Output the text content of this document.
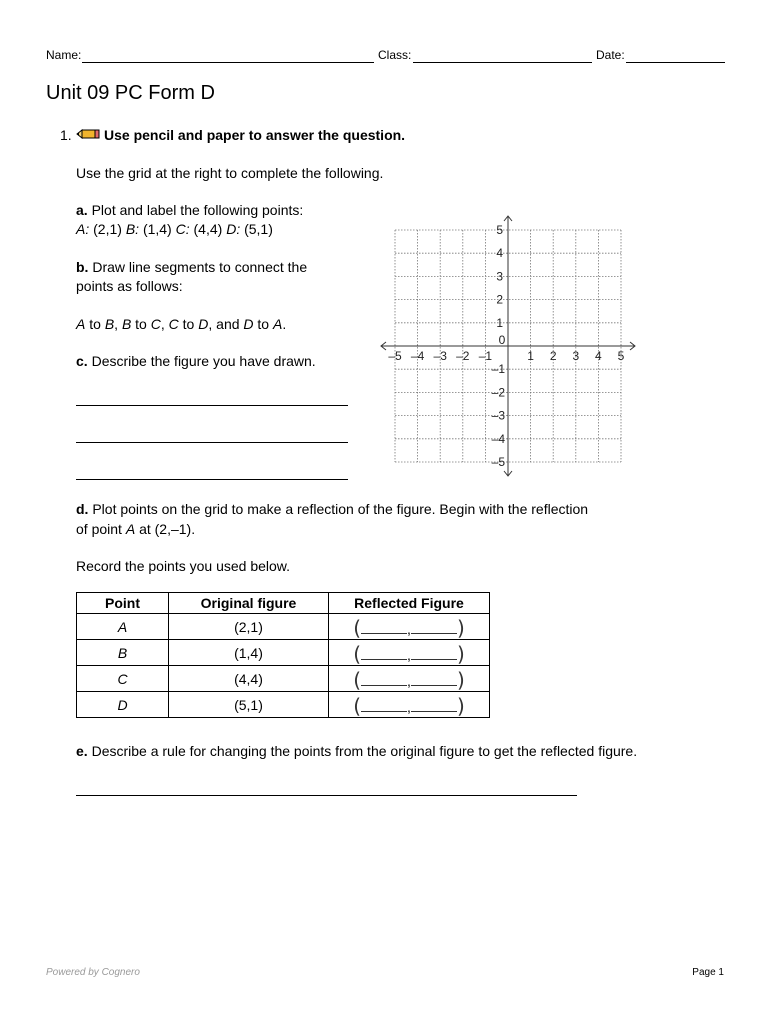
Name:	Class:	Date:
Unit 09 PC Form D
1. Use pencil and paper to answer the question.
Use the grid at the right to complete the following.
a. Plot and label the following points:
A: (2,1) B: (1,4) C: (4,4) D: (5,1)
b. Draw line segments to connect the
points as follows:
A to B, B to C, C to D, and D to A.
c. Describe the figure you have drawn.	–5 –4 –3 –2 –1
0
1 2 3 4 5
5
4
3
2
1
–1
–2
–3
–4
–5
d. Plot points on the grid to make a reflection of the figure. Begin with the reflection
of point A at (2,–1).
Record the points you used below.
Point	Original figure	Reflected Figure
A	(2,1)	( , )
B	(1,4)	( , )
C	(4,4)	( , )
D	(5,1)	( , )
e. Describe a rule for changing the points from the original figure to get the reflected figure.
Powered by Cognero	Page 1
